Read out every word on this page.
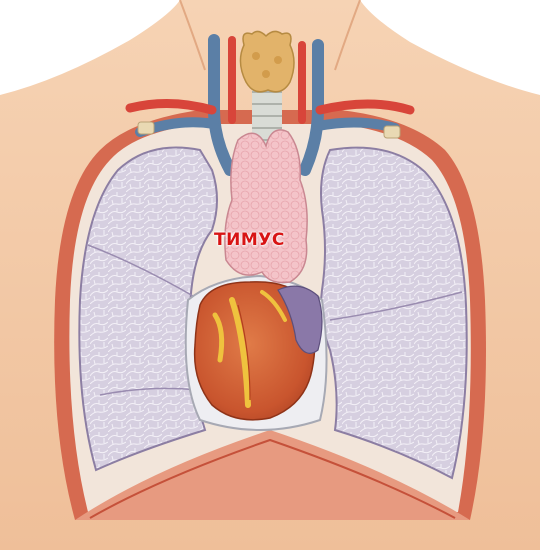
ТИМУС
